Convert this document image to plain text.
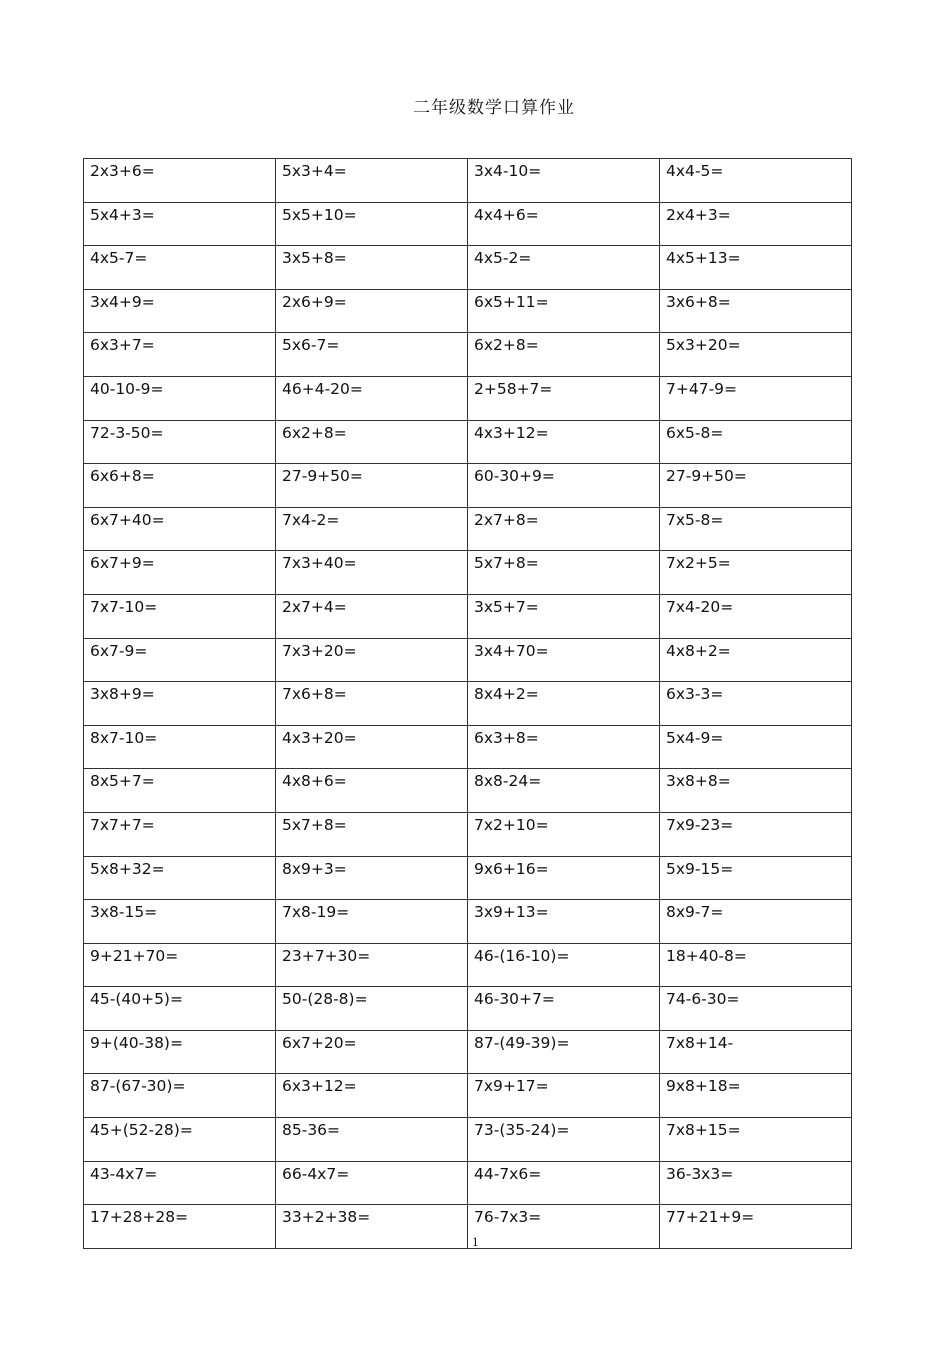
二年级数学口算作业
2x3+6=	5x3+4=	3x4-10=	4x4-5=
5x4+3=	5x5+10=	4x4+6=	2x4+3=
4x5-7=	3x5+8=	4x5-2=	4x5+13=
3x4+9=	2x6+9=	6x5+11=	3x6+8=
6x3+7=	5x6-7=	6x2+8=	5x3+20=
40-10-9=	46+4-20=	2+58+7=	7+47-9=
72-3-50=	6x2+8=	4x3+12=	6x5-8=
6x6+8=	27-9+50=	60-30+9=	27-9+50=
6x7+40=	7x4-2=	2x7+8=	7x5-8=
6x7+9=	7x3+40=	5x7+8=	7x2+5=
7x7-10=	2x7+4=	3x5+7=	7x4-20=
6x7-9=	7x3+20=	3x4+70=	4x8+2=
3x8+9=	7x6+8=	8x4+2=	6x3-3=
8x7-10=	4x3+20=	6x3+8=	5x4-9=
8x5+7=	4x8+6=	8x8-24=	3x8+8=
7x7+7=	5x7+8=	7x2+10=	7x9-23=
5x8+32=	8x9+3=	9x6+16=	5x9-15=
3x8-15=	7x8-19=	3x9+13=	8x9-7=
9+21+70=	23+7+30=	46-(16-10)=	18+40-8=
45-(40+5)=	50-(28-8)=	46-30+7=	74-6-30=
9+(40-38)=	6x7+20=	87-(49-39)=	7x8+14-
87-(67-30)=	6x3+12=	7x9+17=	9x8+18=
45+(52-28)=	85-36=	73-(35-24)=	7x8+15=
43-4x7=	66-4x7=	44-7x6=	36-3x3=
17+28+28=	33+2+38=	76-7x3=	77+21+9=
1
